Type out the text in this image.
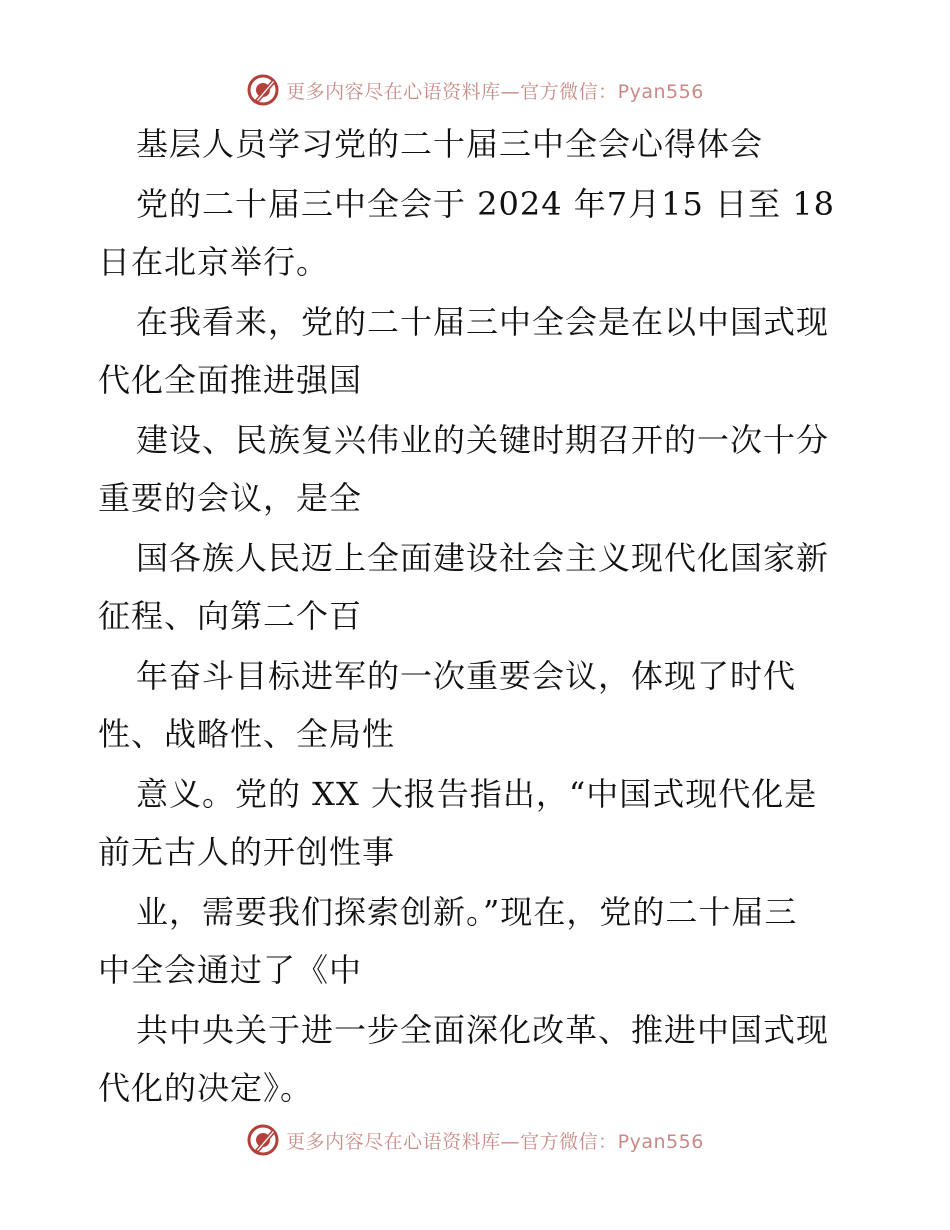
更多内容尽在心语资料库—官方微信：Pyan556
基层人员学习党的二十届三中全会心得体会
党的二十届三中全会于 2024 年7月15 日至 18
日在北京举行。
在我看来，党的二十届三中全会是在以中国式现
代化全面推进强国
建设、民族复兴伟业的关键时期召开的一次十分
重要的会议，是全
国各族人民迈上全面建设社会主义现代化国家新
征程、向第二个百
年奋斗目标进军的一次重要会议，体现了时代
性、战略性、全局性
意义。党的 XX 大报告指出，“中国式现代化是
前无古人的开创性事
业，需要我们探索创新。”现在，党的二十届三
中全会通过了《中
共中央关于进一步全面深化改革、推进中国式现
代化的决定》。
更多内容尽在心语资料库—官方微信：Pyan556
